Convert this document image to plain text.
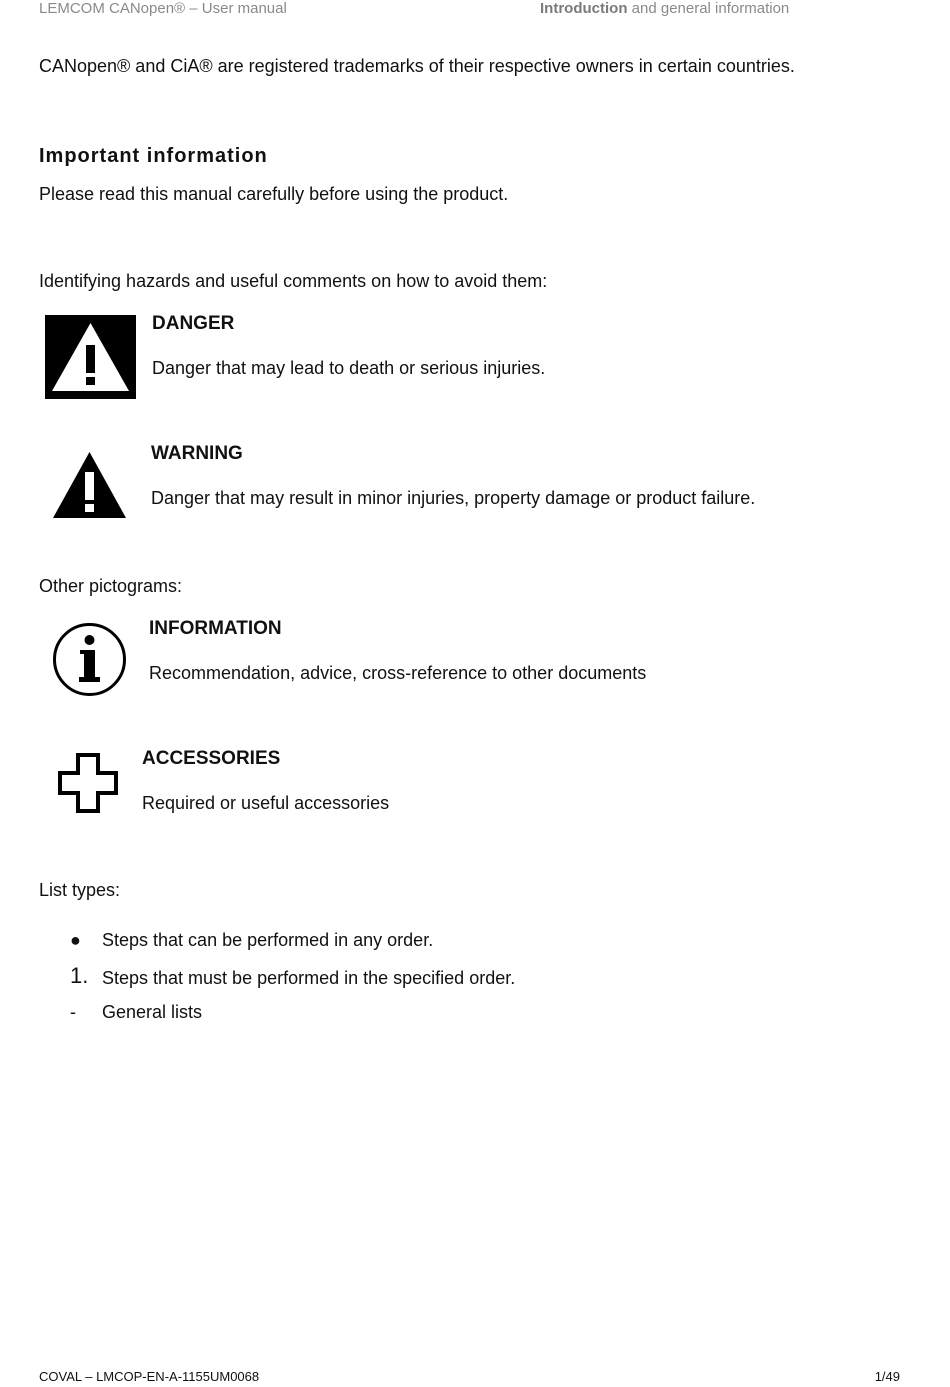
LEMCOM CANopen® – User manual	Introduction and general information
CANopen® and CiA® are registered trademarks of their respective owners in certain countries.
Important information
Please read this manual carefully before using the product.
Identifying hazards and useful comments on how to avoid them:
DANGER
Danger that may lead to death or serious injuries.
WARNING
Danger that may result in minor injuries, property damage or product failure.
Other pictograms:
INFORMATION
Recommendation, advice, cross-reference to other documents
ACCESSORIES
Required or useful accessories
List types:
● Steps that can be performed in any order.
1. Steps that must be performed in the specified order.
- General lists
COVAL – LMCOP-EN-A-1155UM0068	1/49
